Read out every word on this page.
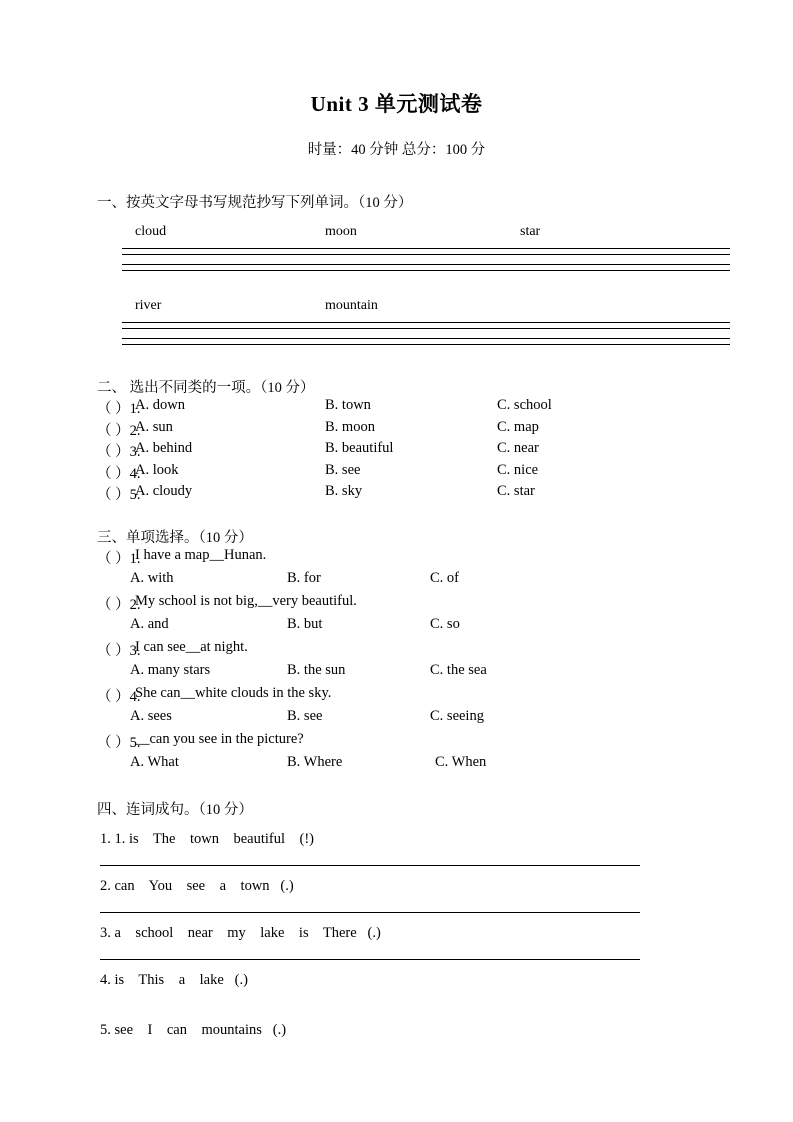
Unit 3 单元测试卷
时量：40 分钟 总分：100 分
一、按英文字母书写规范抄写下列单词。（10 分）
cloud	moon	star
river	mountain
二、 选出不同类的一项。（10 分）
（ ）1.
A. down	B. town	C. school
（ ）2.
A. sun	B. moon	C. map
（ ）3.
A. behind	B. beautiful	C. near
（ ）4.
A. look	B. see	C. nice
（ ）5.
A. cloudy	B. sky	C. star
三、单项选择。（10 分）
（ ）1.
I have a map__Hunan.
A. with	B. for	C. of
（ ）2.
My school is not big,__very beautiful.
A. and	B. but	C. so
（ ）3.
I can see__at night.
A. many stars	B. the sun	C. the sea
（ ）4.
She can__white clouds in the sky.
A. sees	B. see	C. seeing
（ ）5.
__can you see in the picture?
A. What	B. Where	C. When
四、连词成句。（10 分）
1. 1. is    The    town    beautiful    (!)
2. can    You    see    a    town   (.)
3. a    school    near    my    lake    is    There   (.)
4. is    This    a    lake   (.)
5. see    I    can    mountains   (.)
